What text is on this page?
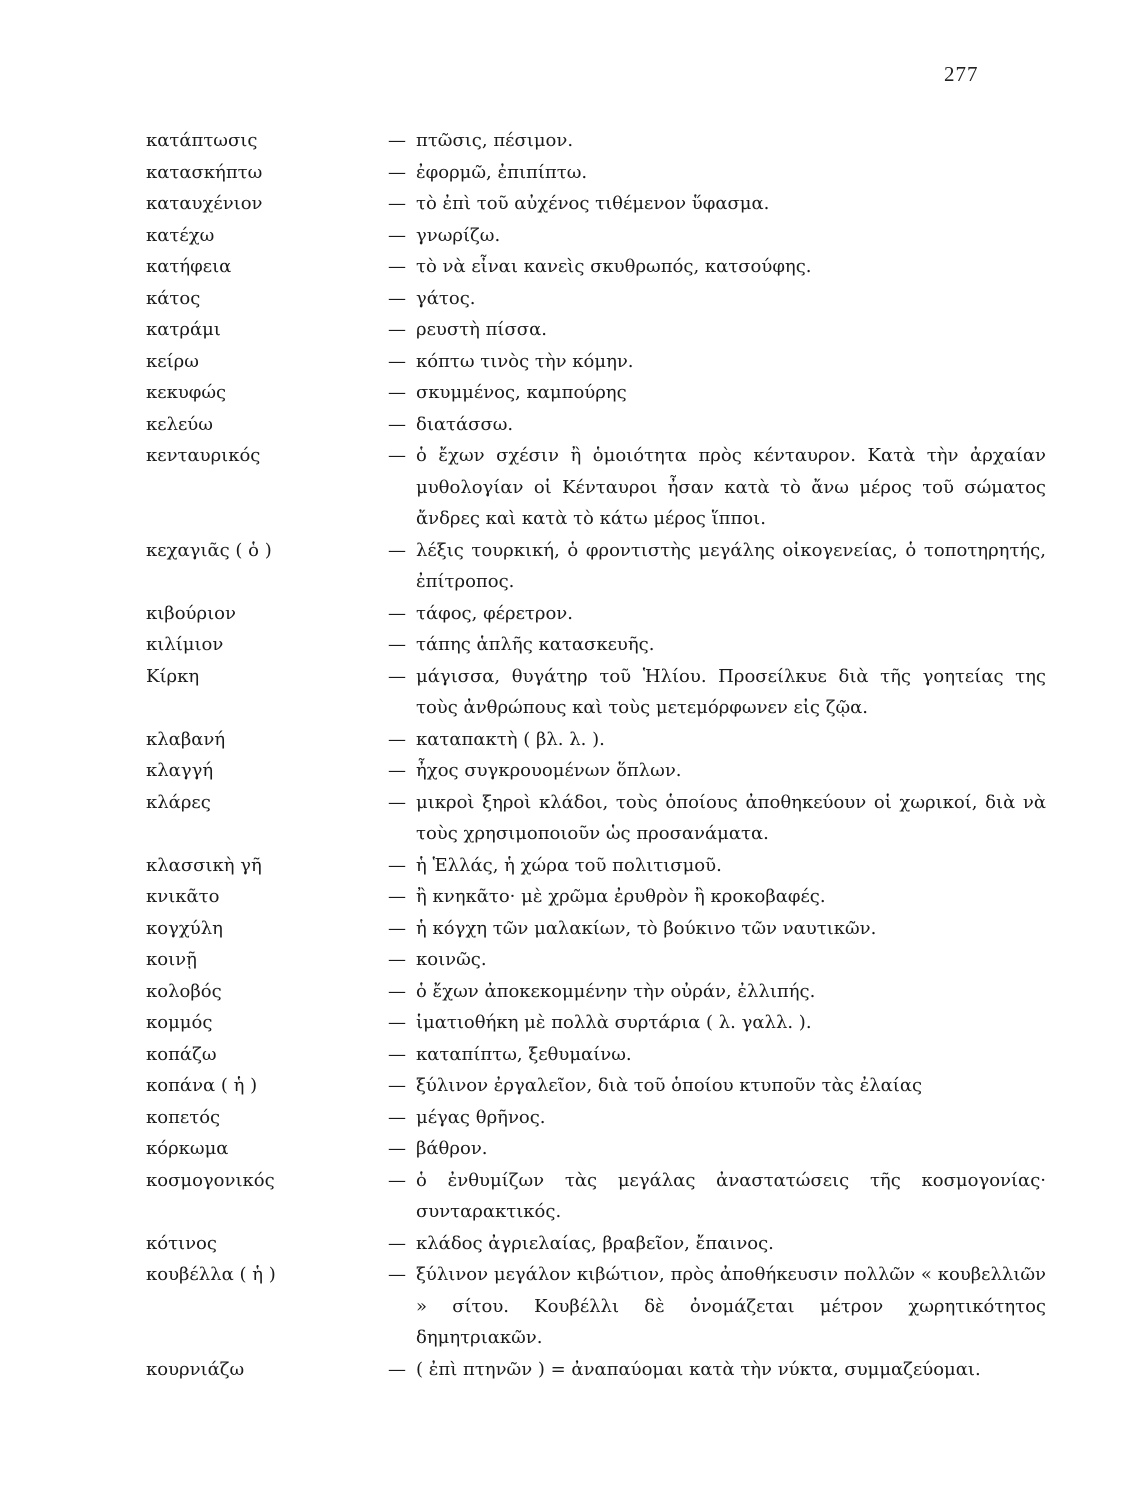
277
κατάπτωσις	— πτῶσις, πέσιμον.
κατασκήπτω	— ἐφορμῶ, ἐπιπίπτω.
καταυχένιον	— τὸ ἐπὶ τοῦ αὐχένος τιθέμενον ὕφασμα.
κατέχω	— γνωρίζω.
κατήφεια	— τὸ νὰ εἶναι κανεὶς σκυθρωπός, κατσούφης.
κάτος	— γάτος.
κατράμι	— ρευστὴ πίσσα.
κείρω	— κόπτω τινὸς τὴν κόμην.
κεκυφώς	— σκυμμένος, καμπούρης
κελεύω	— διατάσσω.
κενταυρικός	— ὁ ἔχων σχέσιν ἢ ὁμοιότητα πρὸς κένταυρον. Κατὰ τὴν ἀρχαίαν μυθολογίαν οἱ Κένταυροι ἦσαν κατὰ τὸ ἄνω μέρος τοῦ σώματος ἄνδρες καὶ κατὰ τὸ κάτω μέρος ἵπποι.
κεχαγιᾶς ( ὁ )	— λέξις τουρκική, ὁ φροντιστὴς μεγάλης οἰκογενείας, ὁ τοποτηρητής, ἐπίτροπος.
κιβούριον	— τάφος, φέρετρον.
κιλίμιον	— τάπης ἁπλῆς κατασκευῆς.
Κίρκη	— μάγισσα, θυγάτηρ τοῦ Ἡλίου. Προσείλκυε διὰ τῆς γοητείας της τοὺς ἀνθρώπους καὶ τοὺς μετεμόρφωνεν εἰς ζῷα.
κλαβανή	— καταπακτὴ ( βλ. λ. ).
κλαγγή	— ἦχος συγκρουομένων ὅπλων.
κλάρες	— μικροὶ ξηροὶ κλάδοι, τοὺς ὁποίους ἀποθηκεύουν οἱ χωρικοί, διὰ νὰ τοὺς χρησιμοποιοῦν ὡς προσανάματα.
κλασσικὴ γῆ	— ἡ Ἑλλάς, ἡ χώρα τοῦ πολιτισμοῦ.
κνικᾶτο	— ἢ κνηκᾶτο· μὲ χρῶμα ἐρυθρὸν ἢ κροκοβαφές.
κογχύλη	— ἡ κόγχη τῶν μαλακίων, τὸ βούκινο τῶν ναυτικῶν.
κοινῇ	— κοινῶς.
κολοβός	— ὁ ἔχων ἀποκεκομμένην τὴν οὐράν, ἐλλιπής.
κομμός	— ἱματιοθήκη μὲ πολλὰ συρτάρια ( λ. γαλλ. ).
κοπάζω	— καταπίπτω, ξεθυμαίνω.
κοπάνα ( ἡ )	— ξύλινον ἐργαλεῖον, διὰ τοῦ ὁποίου κτυποῦν τὰς ἐλαίας
κοπετός	— μέγας θρῆνος.
κόρκωμα	— βάθρον.
κοσμογονικός	— ὁ ἐνθυμίζων τὰς μεγάλας ἀναστατώσεις τῆς κοσμογονίας· συνταρακτικός.
κότινος	— κλάδος ἀγριελαίας, βραβεῖον, ἔπαινος.
κουβέλλα ( ἡ )	— ξύλινον μεγάλον κιβώτιον, πρὸς ἀποθήκευσιν πολλῶν « κουβελλιῶν » σίτου. Κουβέλλι δὲ ὀνομάζεται μέτρον χωρητικότητος δημητριακῶν.
κουρνιάζω	— ( ἐπὶ πτηνῶν ) = ἀναπαύομαι κατὰ τὴν νύκτα, συμμαζεύομαι.
